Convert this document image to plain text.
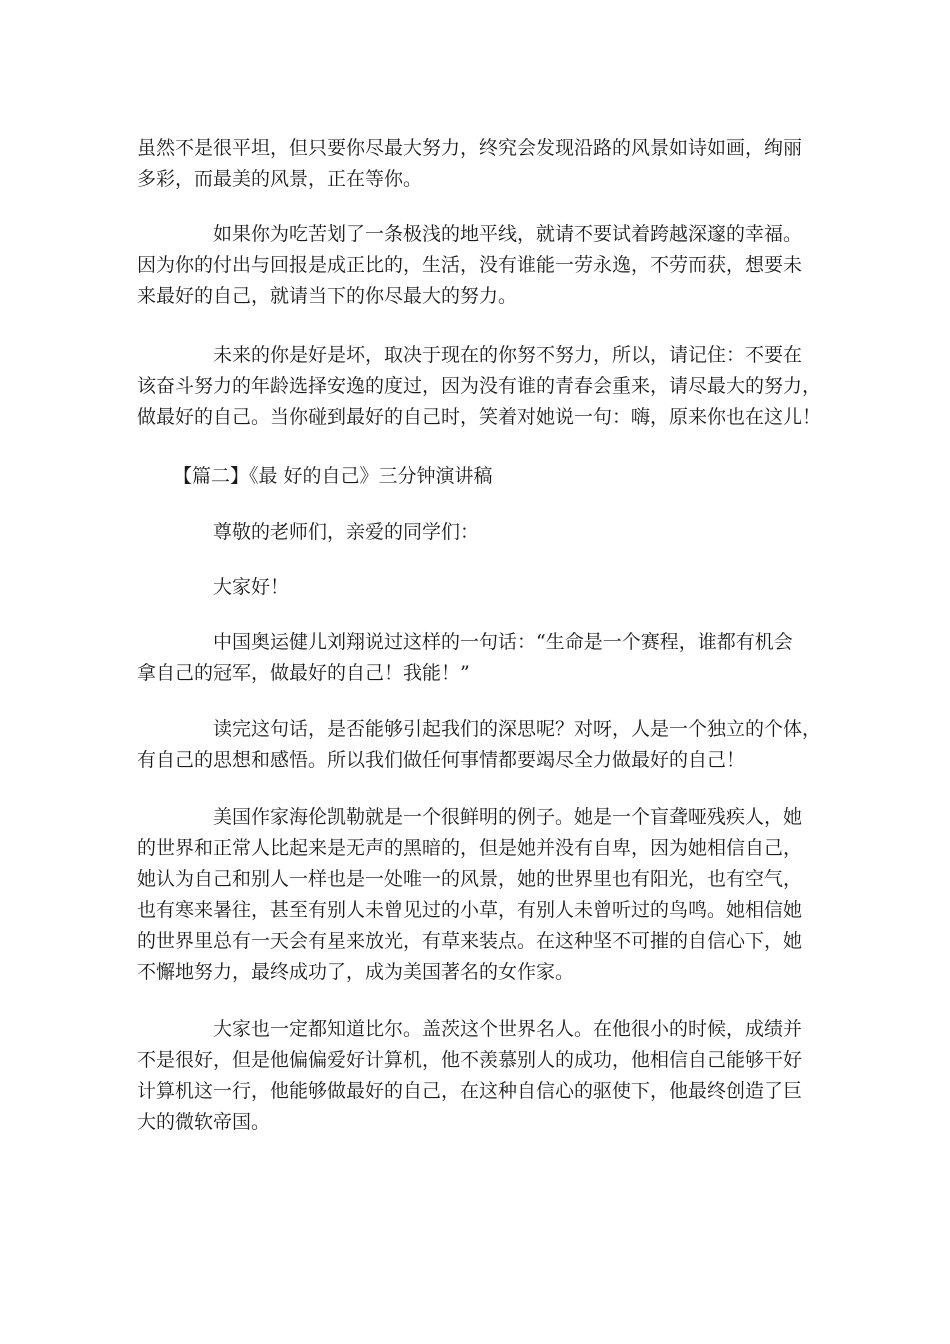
虽然不是很平坦，但只要你尽最大努力，终究会发现沿路的风景如诗如画，绚丽
多彩，而最美的风景，正在等你。

如果你为吃苦划了一条极浅的地平线，就请不要试着跨越深邃的幸福。
因为你的付出与回报是成正比的，生活，没有谁能一劳永逸，不劳而获，想要未
来最好的自己，就请当下的你尽最大的努力。

未来的你是好是坏，取决于现在的你努不努力，所以，请记住：不要在
该奋斗努力的年龄选择安逸的度过，因为没有谁的青春会重来，请尽最大的努力，
做最好的自己。当你碰到最好的自己时，笑着对她说一句：嗨，原来你也在这儿！

【篇二】《最 好的自己》三分钟演讲稿

尊敬的老师们，亲爱的同学们：

大家好！

中国奥运健儿刘翔说过这样的一句话：“生命是一个赛程，谁都有机会
拿自己的冠军，做最好的自己！我能！”

读完这句话，是否能够引起我们的深思呢？对呀，人是一个独立的个体，
有自己的思想和感悟。所以我们做任何事情都要竭尽全力做最好的自己！

美国作家海伦凯勒就是一个很鲜明的例子。她是一个盲聋哑残疾人，她
的世界和正常人比起来是无声的黑暗的，但是她并没有自卑，因为她相信自己，
她认为自己和别人一样也是一处唯一的风景，她的世界里也有阳光，也有空气，
也有寒来暑往，甚至有别人未曾见过的小草，有别人未曾听过的鸟鸣。她相信她
的世界里总有一天会有星来放光，有草来装点。在这种坚不可摧的自信心下，她
不懈地努力，最终成功了，成为美国著名的女作家。

大家也一定都知道比尔。盖茨这个世界名人。在他很小的时候，成绩并
不是很好，但是他偏偏爱好计算机，他不羡慕别人的成功，他相信自己能够干好
计算机这一行，他能够做最好的自己，在这种自信心的驱使下，他最终创造了巨
大的微软帝国。
